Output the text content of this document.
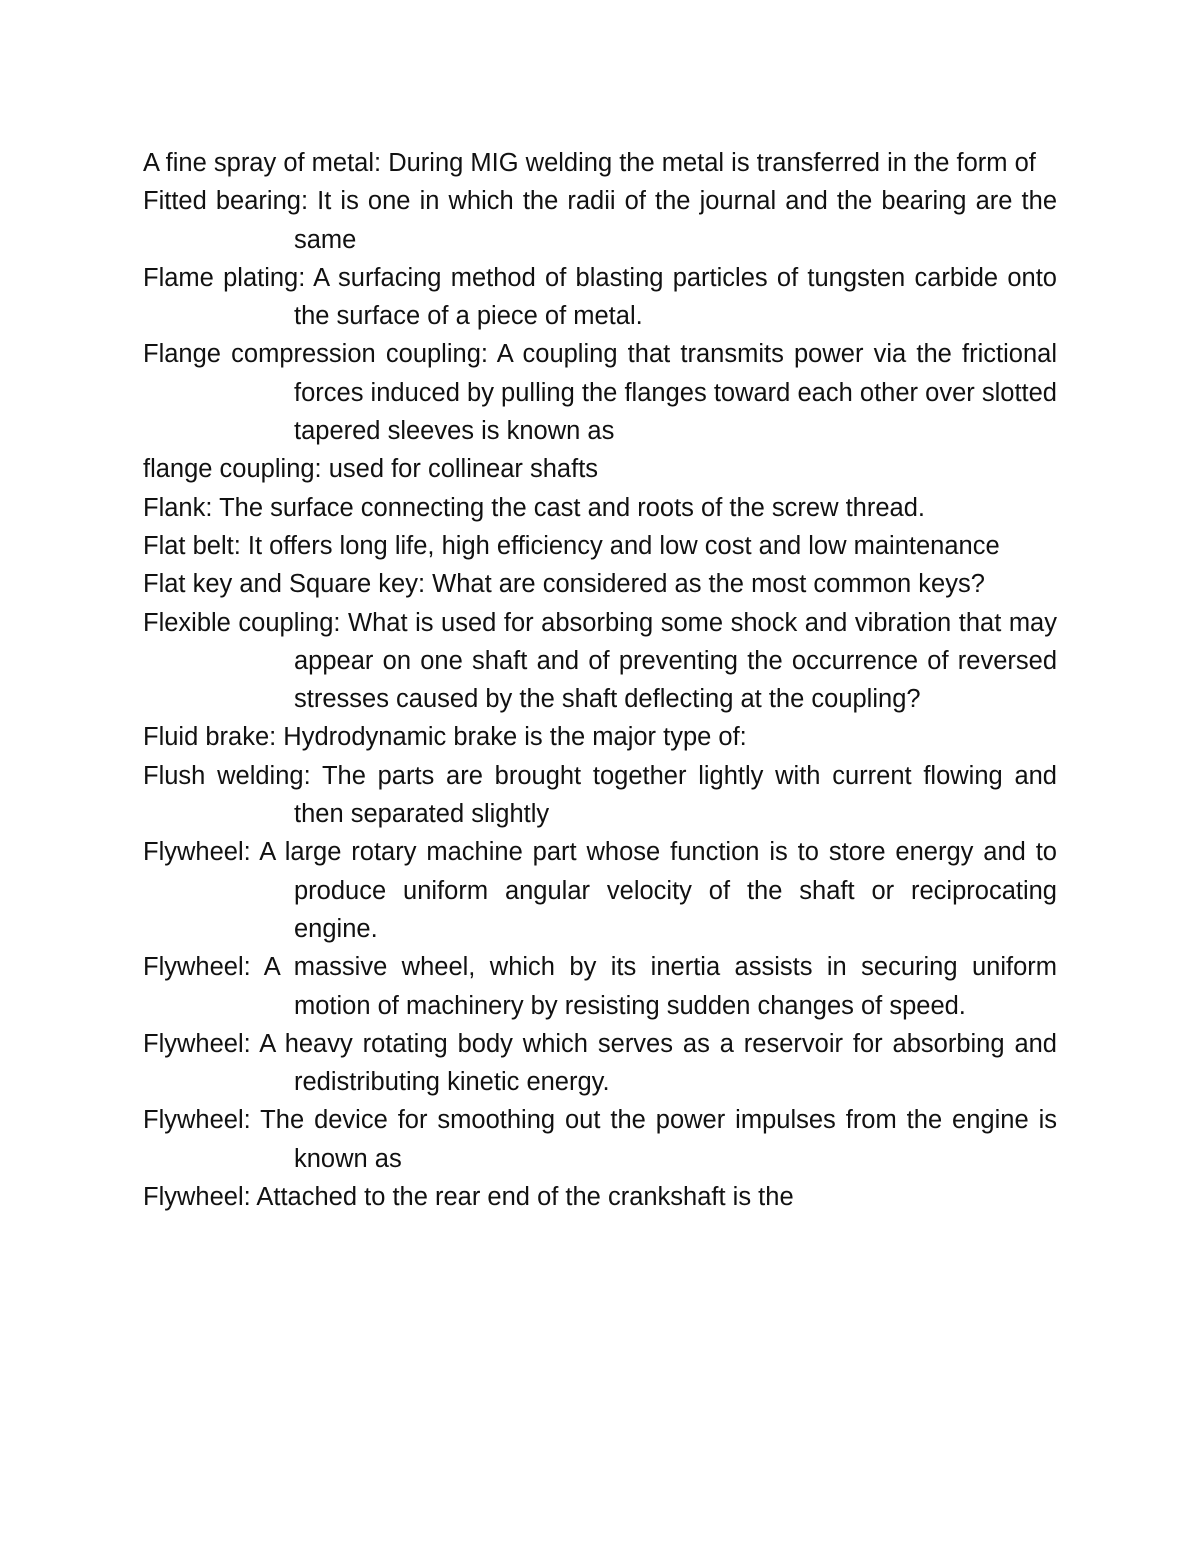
A fine spray of metal: During MIG welding the metal is transferred in the form of

Fitted bearing: It is one in which the radii of the journal and the bearing are the same

Flame plating: A surfacing method of blasting particles of tungsten carbide onto the surface of a piece of metal.

Flange compression coupling: A coupling that transmits power via the frictional forces induced by pulling the flanges toward each other over slotted tapered sleeves is known as

flange coupling: used for collinear shafts

Flank: The surface connecting the cast and roots of the screw thread.

Flat belt: It offers long life, high efficiency and low cost and low maintenance

Flat key and Square key: What are considered as the most common keys?

Flexible coupling: What is used for absorbing some shock and vibration that may appear on one shaft and of preventing the occurrence of reversed stresses caused by the shaft deflecting at the coupling?

Fluid brake: Hydrodynamic brake is the major type of:

Flush welding: The parts are brought together lightly with current flowing and then separated slightly

Flywheel: A large rotary machine part whose function is to store energy and to produce uniform angular velocity of the shaft or reciprocating engine.

Flywheel: A massive wheel, which by its inertia assists in securing uniform motion of machinery by resisting sudden changes of speed.

Flywheel: A heavy rotating body which serves as a reservoir for absorbing and redistributing kinetic energy.

Flywheel: The device for smoothing out the power impulses from the engine is known as

Flywheel: Attached to the rear end of the crankshaft is the
